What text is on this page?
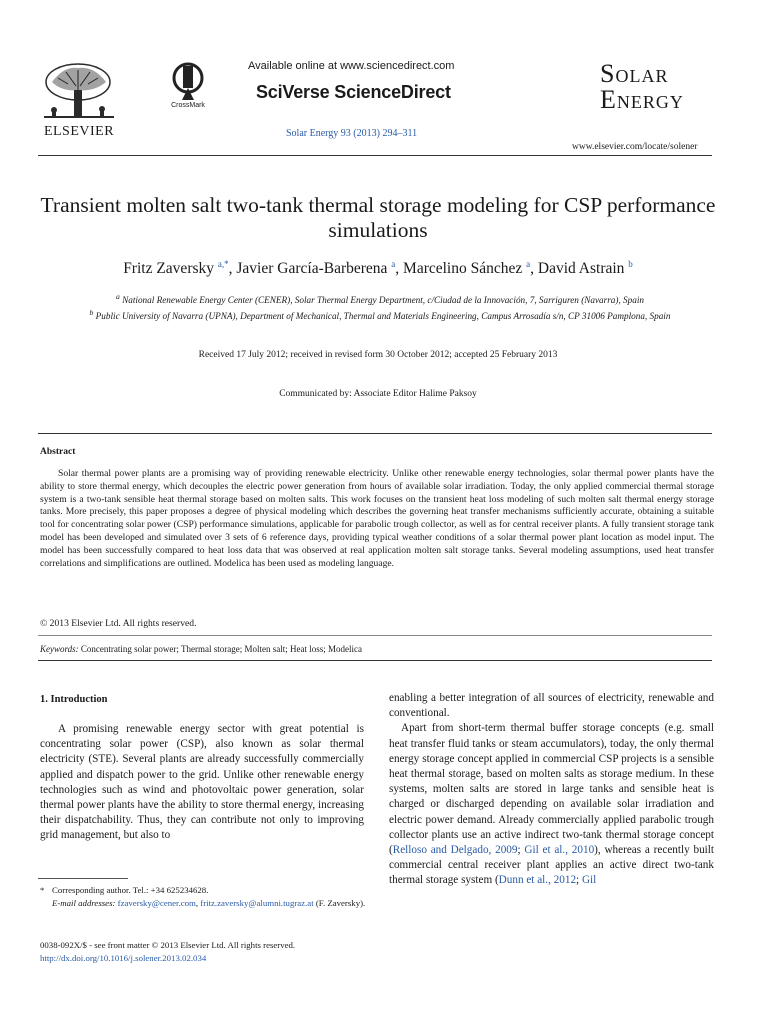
ELSEVIER
CrossMark
Available online at www.sciencedirect.com
SciVerse ScienceDirect
Solar Energy 93 (2013) 294–311
SOLAR
ENERGY
www.elsevier.com/locate/solener
Transient molten salt two-tank thermal storage modeling for CSP performance simulations
Fritz Zaversky $^{a,*}$, Javier García-Barberena $^a$, Marcelino Sánchez $^a$, David Astrain $^b$
$^a$ National Renewable Energy Center (CENER), Solar Thermal Energy Department, c/Ciudad de la Innovación, 7, Sarriguren (Navarra), Spain
$^b$ Public University of Navarra (UPNA), Department of Mechanical, Thermal and Materials Engineering, Campus Arrosadía s/n, CP 31006 Pamplona, Spain
Received 17 July 2012; received in revised form 30 October 2012; accepted 25 February 2013
Communicated by: Associate Editor Halime Paksoy
Abstract
Solar thermal power plants are a promising way of providing renewable electricity. Unlike other renewable energy technologies, solar thermal power plants have the ability to store thermal energy, which decouples the electric power generation from hours of available solar irradiation. Today, the only applied commercial thermal storage system is a two-tank sensible heat thermal storage based on molten salts. This work focuses on the transient heat loss modeling of such molten salt thermal energy storage tanks. More precisely, this paper proposes a degree of physical modeling which describes the governing heat transfer mechanisms sufficiently accurate, obtaining a suitable tool for concentrating solar power (CSP) performance simulations, applicable for parabolic trough collector, as well as for central receiver plants. A fully transient storage tank model has been developed and simulated over 3 sets of 6 reference days, providing typical weather conditions of a solar thermal power plant location as model input. The model has been successfully compared to heat loss data that was observed at real application molten salt storage tanks. Several modeling assumptions, used heat transfer correlations and simplifications are outlined. Modelica has been used as modeling language.
© 2013 Elsevier Ltd. All rights reserved.
Keywords: Concentrating solar power; Thermal storage; Molten salt; Heat loss; Modelica
1. Introduction
A promising renewable energy sector with great potential is concentrating solar power (CSP), also known as solar thermal electricity (STE). Several plants are already successfully commercially applied and dispatch power to the grid. Unlike other renewable energy technologies such as wind and photovoltaic power generation, solar thermal power plants have the ability to store thermal energy, increasing their dispatchability. Thus, they can contribute not only to improving grid management, but also to

enabling a better integration of all sources of electricity, renewable and conventional.

Apart from short-term thermal buffer storage concepts (e.g. small heat transfer fluid tanks or steam accumulators), today, the only thermal energy storage concept applied in commercial CSP projects is a sensible heat thermal storage, based on molten salts as storage medium. In these systems, molten salts are stored in large tanks and sensible heat is charged or discharged depending on available solar irradiation and electric power demand. Already commercially applied parabolic trough collector plants use an active indirect two-tank thermal storage concept (Relloso and Delgado, 2009; Gil et al., 2010), whereas a recently built commercial central receiver plant applies an active direct two-tank thermal storage system (Dunn et al., 2012; Gil

* Corresponding author. Tel.: +34 625234628.
E-mail addresses: fzaversky@cener.com, fritz.zaversky@alumni.tugraz.at (F. Zaversky).
0038-092X/$ - see front matter © 2013 Elsevier Ltd. All rights reserved.
http://dx.doi.org/10.1016/j.solener.2013.02.034
